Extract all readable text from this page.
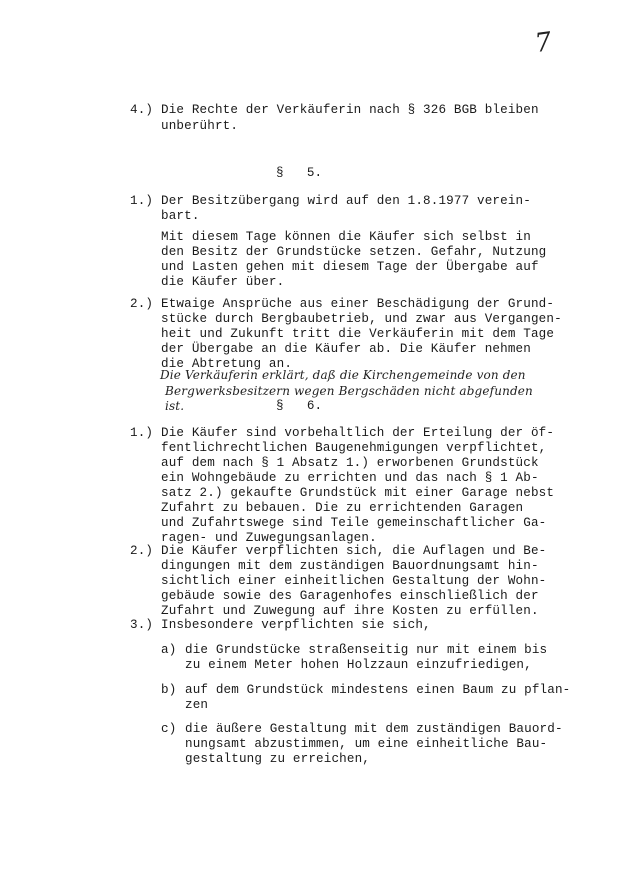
7
4.) Die Rechte der Verkäuferin nach § 326 BGB bleiben
unberührt.
§   5.
1.) Der Besitzübergang wird auf den 1.8.1977 verein-
bart.
Mit diesem Tage können die Käufer sich selbst in
den Besitz der Grundstücke setzen. Gefahr, Nutzung
und Lasten gehen mit diesem Tage der Übergabe auf
die Käufer über.
2.) Etwaige Ansprüche aus einer Beschädigung der Grund-
stücke durch Bergbaubetrieb, und zwar aus Vergangen-
heit und Zukunft tritt die Verkäuferin mit dem Tage
der Übergabe an die Käufer ab. Die Käufer nehmen
die Abtretung an.
Die Verkäuferin erklärt, daß die Kirchengemeinde von den
Bergwerksbesitzern wegen Bergschäden nicht abgefunden
ist.	§   6.
1.) Die Käufer sind vorbehaltlich der Erteilung der öf-
fentlichrechtlichen Baugenehmigungen verpflichtet,
auf dem nach § 1 Absatz 1.) erworbenen Grundstück
ein Wohngebäude zu errichten und das nach § 1 Ab-
satz 2.) gekaufte Grundstück mit einer Garage nebst
Zufahrt zu bebauen. Die zu errichtenden Garagen
und Zufahrtswege sind Teile gemeinschaftlicher Ga-
ragen- und Zuwegungsanlagen.
2.) Die Käufer verpflichten sich, die Auflagen und Be-
dingungen mit dem zuständigen Bauordnungsamt hin-
sichtlich einer einheitlichen Gestaltung der Wohn-
gebäude sowie des Garagenhofes einschließlich der
Zufahrt und Zuwegung auf ihre Kosten zu erfüllen.
3.) Insbesondere verpflichten sie sich,
a) die Grundstücke straßenseitig nur mit einem bis
zu einem Meter hohen Holzzaun einzufriedigen,
b) auf dem Grundstück mindestens einen Baum zu pflan-
zen
c) die äußere Gestaltung mit dem zuständigen Bauord-
nungsamt abzustimmen, um eine einheitliche Bau-
gestaltung zu erreichen,
